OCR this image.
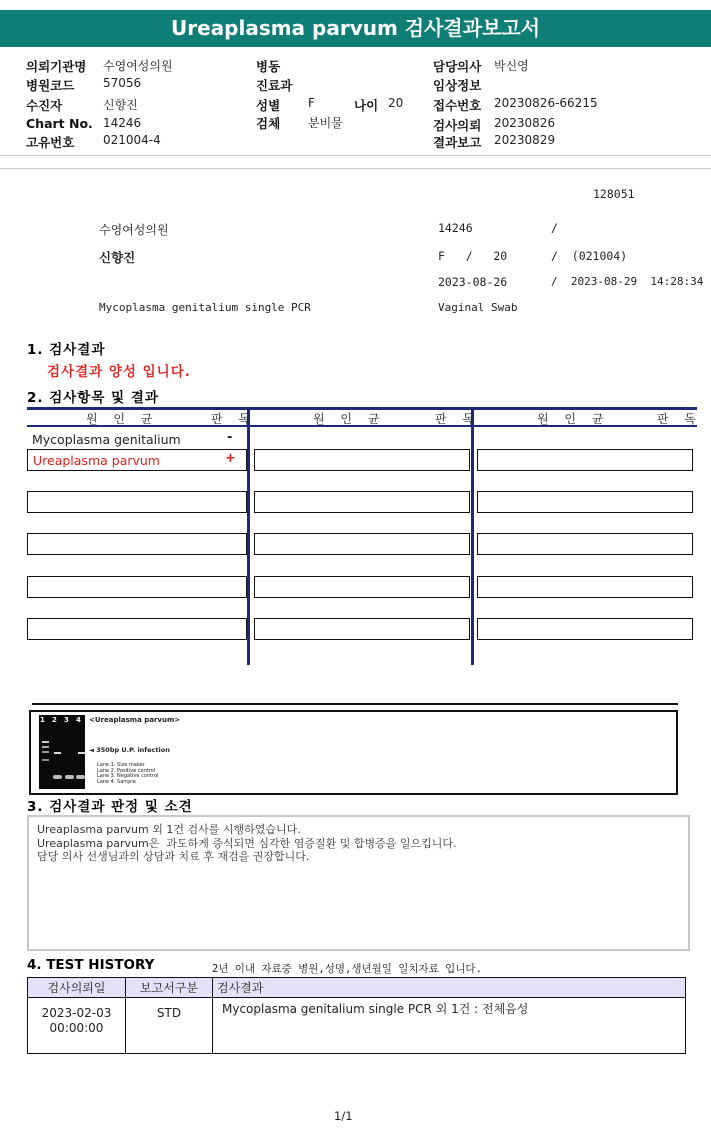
Ureaplasma parvum 검사결과보고서
의뢰기관명 수영여성의원
병원코드 57056
수진자	신향진
Chart No. 14246
고유번호 021004-4
병동
진료과
성별 F	나이 20
검체 분비물
담당의사 박신영
임상정보
접수번호 20230826-66215
검사의뢰 20230826
결과보고 20230829
128051
수영여성의원	14246	/
신향진	F   /   20	/  (021004)
2023-08-26	/  2023-08-29  14:28:34
Mycoplasma genitalium single PCR	Vaginal Swab
1. 검사결과
검사결과 양성 입니다.
2. 검사항목 및 결과
원 인 균	판 독	원 인 균	판 독	원 인 균	판 독
Mycoplasma genitalium	-
Ureaplasma parvum	+
1 2 3 4 <Ureaplasma parvum>
◄ 350bp U.P. infection
Lane 1. Size maker
Lane 2. Positive control
Lane 3. Negative control
Lane 4. Sample
3. 검사결과 판정 및 소견
Ureaplasma parvum 외 1건 검사를 시행하였습니다.
Ureaplasma parvum은  과도하게 증식되면 심각한 염증질환 및 합병증을 일으킵니다.
담당 의사 선생님과의 상담과 치료 후 재검을 권장합니다.
4. TEST HISTORY	2년 이내 자료중 병원,성명,생년월일 일치자료 입니다.
검사의뢰일	보고서구분	검사결과

2023-02-03
00:00:00	STD	Mycoplasma genitalium single PCR 외 1건 : 전체음성
1/1
